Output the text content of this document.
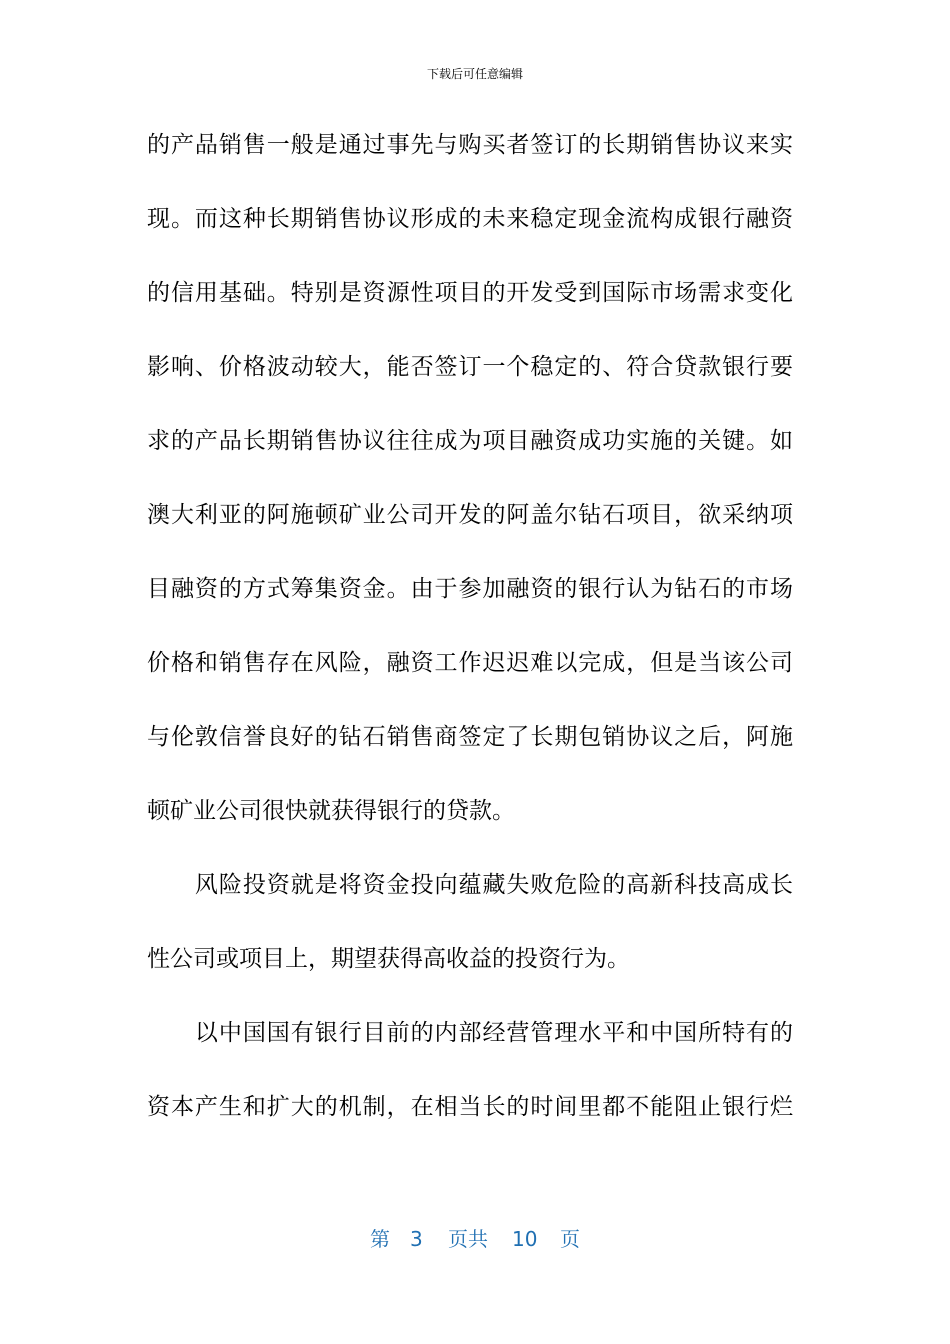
下载后可任意编辑
的产品销售一般是通过事先与购买者签订的长期销售协议来实
现。而这种长期销售协议形成的未来稳定现金流构成银行融资
的信用基础。特别是资源性项目的开发受到国际市场需求变化
影响、价格波动较大，能否签订一个稳定的、符合贷款银行要
求的产品长期销售协议往往成为项目融资成功实施的关键。如
澳大利亚的阿施顿矿业公司开发的阿盖尔钻石项目，欲采纳项
目融资的方式筹集资金。由于参加融资的银行认为钻石的市场
价格和销售存在风险，融资工作迟迟难以完成，但是当该公司
与伦敦信誉良好的钻石销售商签定了长期包销协议之后，阿施
顿矿业公司很快就获得银行的贷款。
　　风险投资就是将资金投向蕴藏失败危险的高新科技高成长
性公司或项目上，期望获得高收益的投资行为。
　　以中国国有银行目前的内部经营管理水平和中国所特有的
资本产生和扩大的机制，在相当长的时间里都不能阻止银行烂
第 3 页共 10 页
